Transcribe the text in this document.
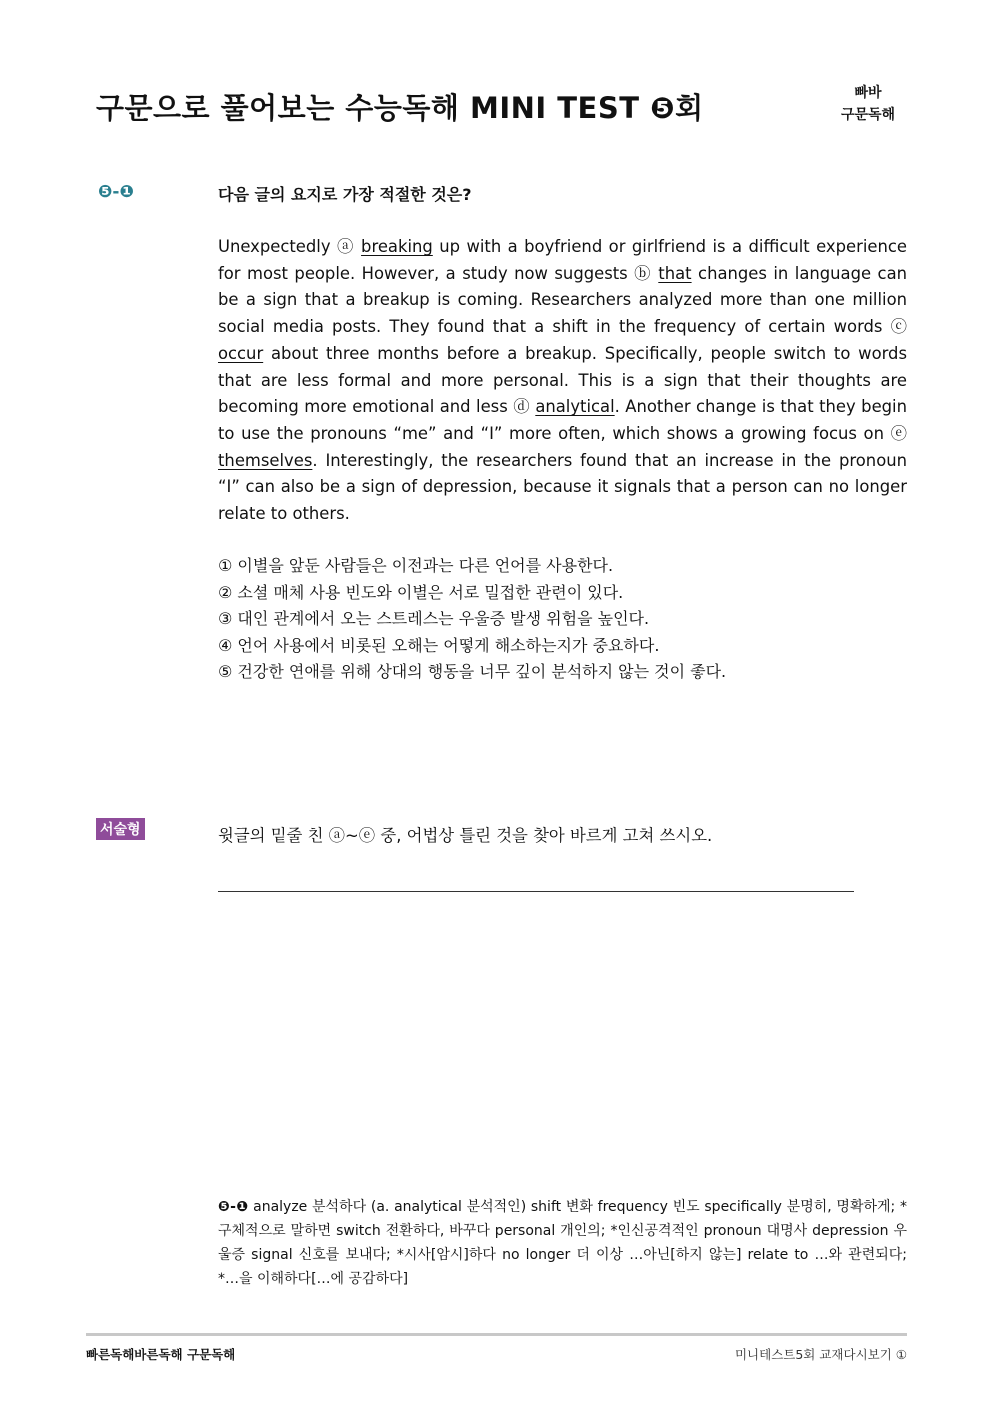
구문으로 풀어보는 수능독해 MINI TEST ❺회	빠바
구문독해
❺-❶	다음 글의 요지로 가장 적절한 것은?
Unexpectedly ⓐ breaking up with a boyfriend or girlfriend is a difficult experience for most people. However, a study now suggests ⓑ that changes in language can be a sign that a breakup is coming. Researchers analyzed more than one million social media posts. They found that a shift in the frequency of certain words ⓒ occur about three months before a breakup. Specifically, people switch to words that are less formal and more personal. This is a sign that their thoughts are becoming more emotional and less ⓓ analytical. Another change is that they begin to use the pronouns “me” and “I” more often, which shows a growing focus on ⓔ themselves. Interestingly, the researchers found that an increase in the pronoun “I” can also be a sign of depression, because it signals that a person can no longer relate to others.
① 이별을 앞둔 사람들은 이전과는 다른 언어를 사용한다.
② 소셜 매체 사용 빈도와 이별은 서로 밀접한 관련이 있다.
③ 대인 관계에서 오는 스트레스는 우울증 발생 위험을 높인다.
④ 언어 사용에서 비롯된 오해는 어떻게 해소하는지가 중요하다.
⑤ 건강한 연애를 위해 상대의 행동을 너무 깊이 분석하지 않는 것이 좋다.
서술형	윗글의 밑줄 친 ⓐ~ⓔ 중, 어법상 틀린 것을 찾아 바르게 고쳐 쓰시오.
❺-❶ analyze 분석하다 (a. analytical 분석적인) shift 변화 frequency 빈도 specifically 분명히, 명확하게; *구체적으로 말하면 switch 전환하다, 바꾸다 personal 개인의; *인신공격적인 pronoun 대명사 depression 우울증 signal 신호를 보내다; *시사[암시]하다 no longer 더 이상 …아닌[하지 않는] relate to …와 관련되다; *…을 이해하다[…에 공감하다]
빠른독해바른독해 구문독해	미니테스트5회 교재다시보기 ①
